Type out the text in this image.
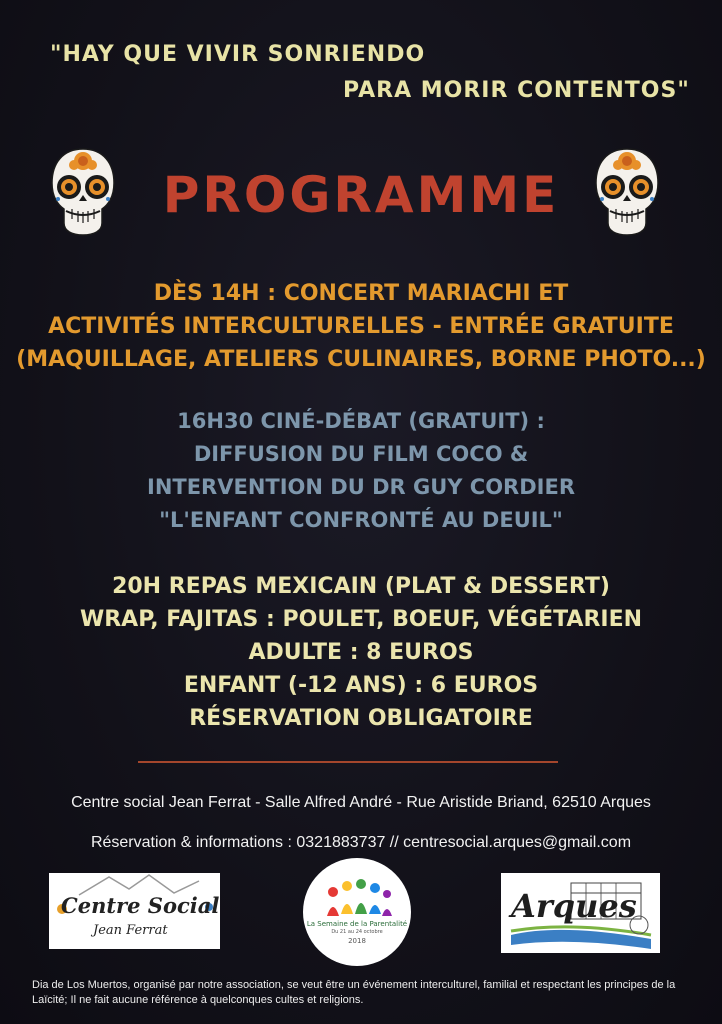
"HAY QUE VIVIR SONRIENDO
PARA MORIR CONTENTOS"
PROGRAMME
DÈS 14H : CONCERT MARIACHI ET
ACTIVITÉS INTERCULTURELLES - ENTRÉE GRATUITE
(MAQUILLAGE, ATELIERS CULINAIRES, BORNE PHOTO...)
16H30 CINÉ-DÉBAT (GRATUIT) :
DIFFUSION DU FILM COCO &
INTERVENTION DU DR GUY CORDIER
"L'ENFANT CONFRONTÉ AU DEUIL"
20H REPAS MEXICAIN (PLAT & DESSERT)
WRAP, FAJITAS : POULET, BOEUF, VÉGÉTARIEN
ADULTE : 8 EUROS
ENFANT (-12 ANS) : 6 EUROS
RÉSERVATION OBLIGATOIRE
Centre social Jean Ferrat - Salle Alfred André - Rue Aristide Briand, 62510 Arques
Réservation & informations : 0321883737 // centresocial.arques@gmail.com
Centre Social
Jean Ferrat	La Semaine de la Parentalité
Du 21 au 24 octobre
2018
Arques
Dia de Los Muertos, organisé par notre association, se veut être un événement interculturel, familial et respectant les principes de la Laïcité; Il ne fait aucune référence à quelconques cultes et religions.
